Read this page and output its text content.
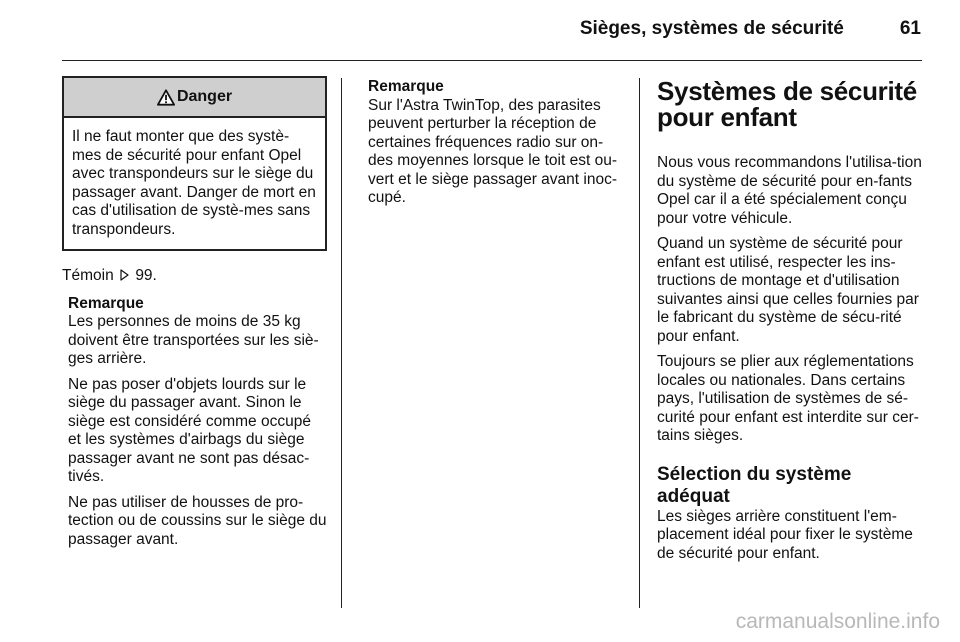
Sièges, systèmes de sécurité	61
Danger

Il ne faut monter que des systè-mes de sécurité pour enfant Opel avec transpondeurs sur le siège du passager avant. Danger de mort en cas d'utilisation de systè-mes sans transpondeurs.

Témoin 99.

Remarque

Les personnes de moins de 35 kg doivent être transportées sur les siè-ges arrière.

Ne pas poser d'objets lourds sur le siège du passager avant. Sinon le siège est considéré comme occupé et les systèmes d'airbags du siège passager avant ne sont pas désac-tivés.

Ne pas utiliser de housses de pro-tection ou de coussins sur le siège du passager avant.

Remarque

Sur l'Astra TwinTop, des parasites peuvent perturber la réception de certaines fréquences radio sur on-des moyennes lorsque le toit est ou-vert et le siège passager avant inoc-cupé.

Systèmes de sécurité pour enfant

Nous vous recommandons l'utilisa-tion du système de sécurité pour en-fants Opel car il a été spécialement conçu pour votre véhicule.

Quand un système de sécurité pour enfant est utilisé, respecter les ins-tructions de montage et d'utilisation suivantes ainsi que celles fournies par le fabricant du système de sécu-rité pour enfant.

Toujours se plier aux réglementations locales ou nationales. Dans certains pays, l'utilisation de systèmes de sé-curité pour enfant est interdite sur cer-tains sièges.

Sélection du système adéquat

Les sièges arrière constituent l'em-placement idéal pour fixer le système de sécurité pour enfant.

carmanualsonline.info
